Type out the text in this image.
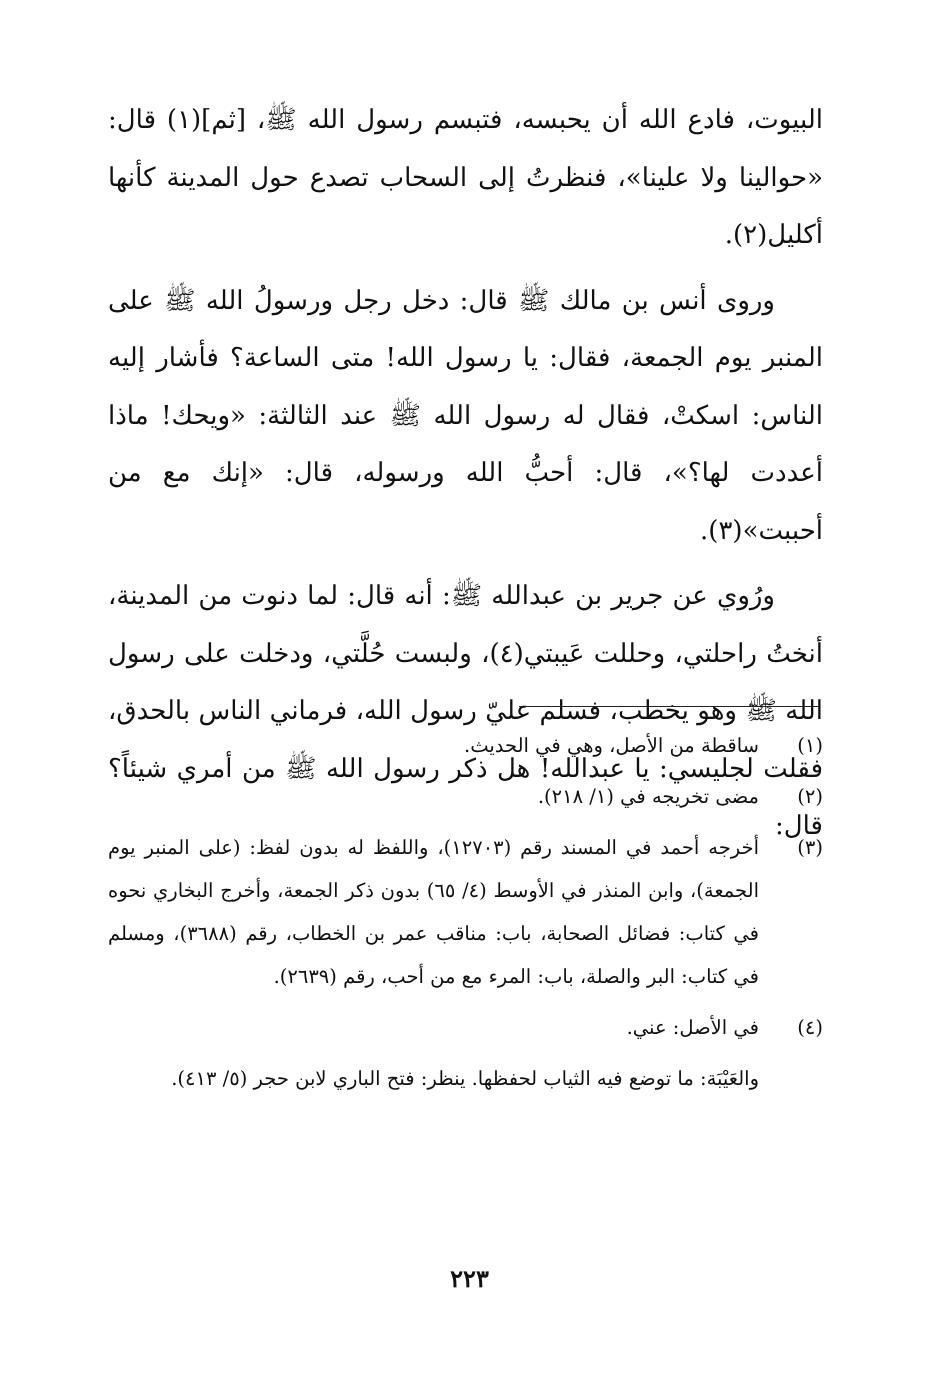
البيوت، فادع الله أن يحبسه، فتبسم رسول الله ﷺ، [ثم](١) قال: «حوالينا ولا علينا»، فنظرتُ إلى السحاب تصدع حول المدينة كأنها أكليل(٢).

وروى أنس بن مالك ﷺ قال: دخل رجل ورسولُ الله ﷺ على المنبر يوم الجمعة، فقال: يا رسول الله! متى الساعة؟ فأشار إليه الناس: اسكتْ، فقال له رسول الله ﷺ عند الثالثة: «ويحك! ماذا أعددت لها؟»، قال: أحبُّ الله ورسوله، قال: «إنك مع من أحببت»(٣).

ورُوي عن جرير بن عبدالله ﷺ: أنه قال: لما دنوت من المدينة، أنختُ راحلتي، وحللت عَيبتي(٤)، ولبست حُلَّتي، ودخلت على رسول الله ﷺ وهو يخطب، فسلم عليّ رسول الله، فرماني الناس بالحدق، فقلت لجليسي: يا عبدالله! هل ذكر رسول الله ﷺ من أمري شيئاً؟ قال:

(١)
ساقطة من الأصل، وهي في الحديث.
(٢)
مضى تخريجه في (١/ ٢١٨).
(٣)
أخرجه أحمد في المسند رقم (١٢٧٠٣)، واللفظ له بدون لفظ: (على المنبر يوم الجمعة)، وابن المنذر في الأوسط (٤/ ٦٥) بدون ذكر الجمعة، وأخرج البخاري نحوه في كتاب: فضائل الصحابة، باب: مناقب عمر بن الخطاب، رقم (٣٦٨٨)، ومسلم في كتاب: البر والصلة، باب: المرء مع من أحب، رقم (٢٦٣٩).
(٤)
في الأصل: عني.
والعَيْبَة: ما توضع فيه الثياب لحفظها. ينظر: فتح الباري لابن حجر (٥/ ٤١٣).
٢٢٣
